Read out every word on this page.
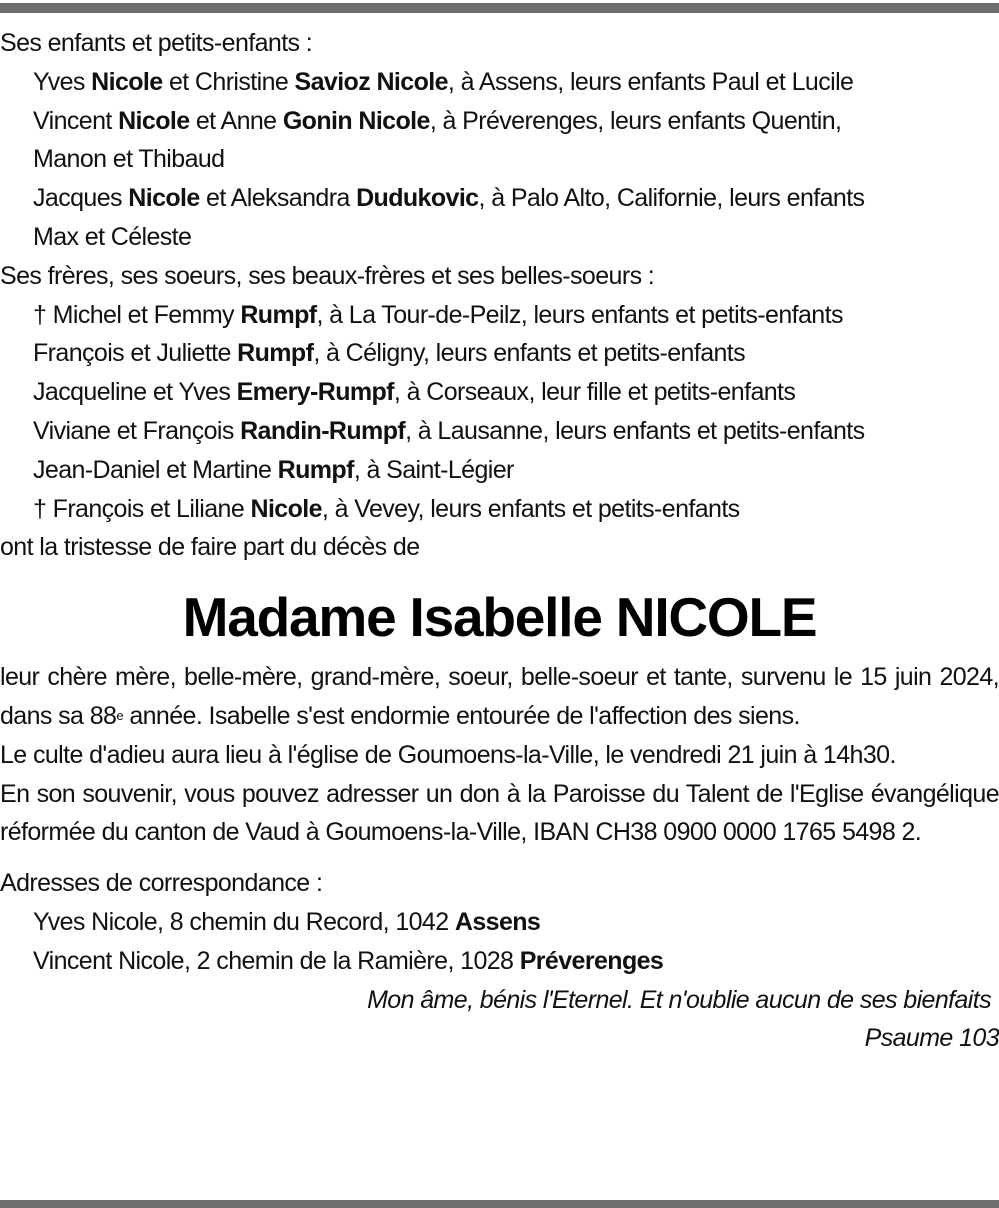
Ses enfants et petits-enfants :
Yves Nicole et Christine Savioz Nicole, à Assens, leurs enfants Paul et Lucile
Vincent Nicole et Anne Gonin Nicole, à Préverenges, leurs enfants Quentin,
Manon et Thibaud
Jacques Nicole et Aleksandra Dudukovic, à Palo Alto, Californie, leurs enfants
Max et Céleste
Ses frères, ses soeurs, ses beaux-frères et ses belles-soeurs :
† Michel et Femmy Rumpf, à La Tour-de-Peilz, leurs enfants et petits-enfants
François et Juliette Rumpf, à Céligny, leurs enfants et petits-enfants
Jacqueline et Yves Emery-Rumpf, à Corseaux, leur fille et petits-enfants
Viviane et François Randin-Rumpf, à Lausanne, leurs enfants et petits-enfants
Jean-Daniel et Martine Rumpf, à Saint-Légier
† François et Liliane Nicole, à Vevey, leurs enfants et petits-enfants
ont la tristesse de faire part du décès de
Madame Isabelle NICOLE
leur chère mère, belle-mère, grand-mère, soeur, belle-soeur et tante, survenu le 15 juin 2024, dans sa 88e année. Isabelle s'est endormie entourée de l'affection des siens.
Le culte d'adieu aura lieu à l'église de Goumoens-la-Ville, le vendredi 21 juin à 14h30.
En son souvenir, vous pouvez adresser un don à la Paroisse du Talent de l'Eglise évangélique réformée du canton de Vaud à Goumoens-la-Ville, IBAN CH38 0900 0000 1765 5498 2.
Adresses de correspondance :
Yves Nicole, 8 chemin du Record, 1042 Assens
Vincent Nicole, 2 chemin de la Ramière, 1028 Préverenges
Mon âme, bénis l'Eternel. Et n'oublie aucun de ses bienfaits
Psaume 103
